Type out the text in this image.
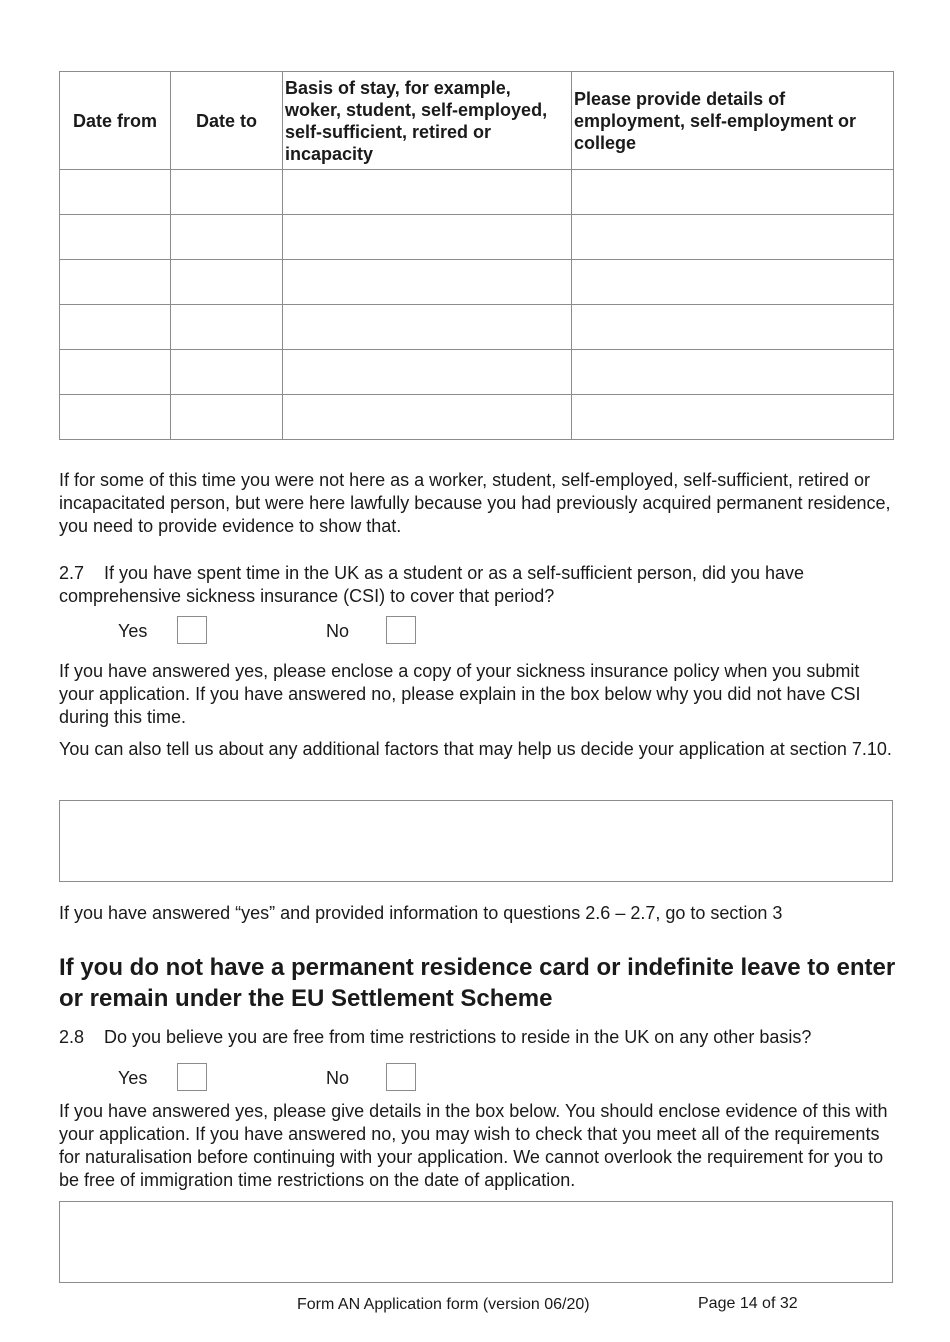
Date from	Date to	Basis of stay, for example, woker, student, self-employed, self-sufficient, retired or incapacity	Please provide details of employment, self-employment or college

If for some of this time you were not here as a worker, student, self-employed, self-sufficient, retired or incapacitated person, but were here lawfully because you had previously acquired permanent residence, you need to provide evidence to show that.

2.7 If you have spent time in the UK as a student or as a self-sufficient person, did you have comprehensive sickness insurance (CSI) to cover that period?

Yes	No

If you have answered yes, please enclose a copy of your sickness insurance policy when you submit your application. If you have answered no, please explain in the box below why you did not have CSI during this time.

You can also tell us about any additional factors that may help us decide your application at section 7.10.

If you have answered “yes” and provided information to questions 2.6 – 2.7, go to section 3

If you do not have a permanent residence card or indefinite leave to enter or remain under the EU Settlement Scheme

2.8 Do you believe you are free from time restrictions to reside in the UK on any other basis?

Yes	No

If you have answered yes, please give details in the box below. You should enclose evidence of this with your application. If you have answered no, you may wish to check that you meet all of the requirements for naturalisation before continuing with your application. We cannot overlook the requirement for you to be free of immigration time restrictions on the date of application.

Form AN Application form (version 06/20)	Page 14 of 32
